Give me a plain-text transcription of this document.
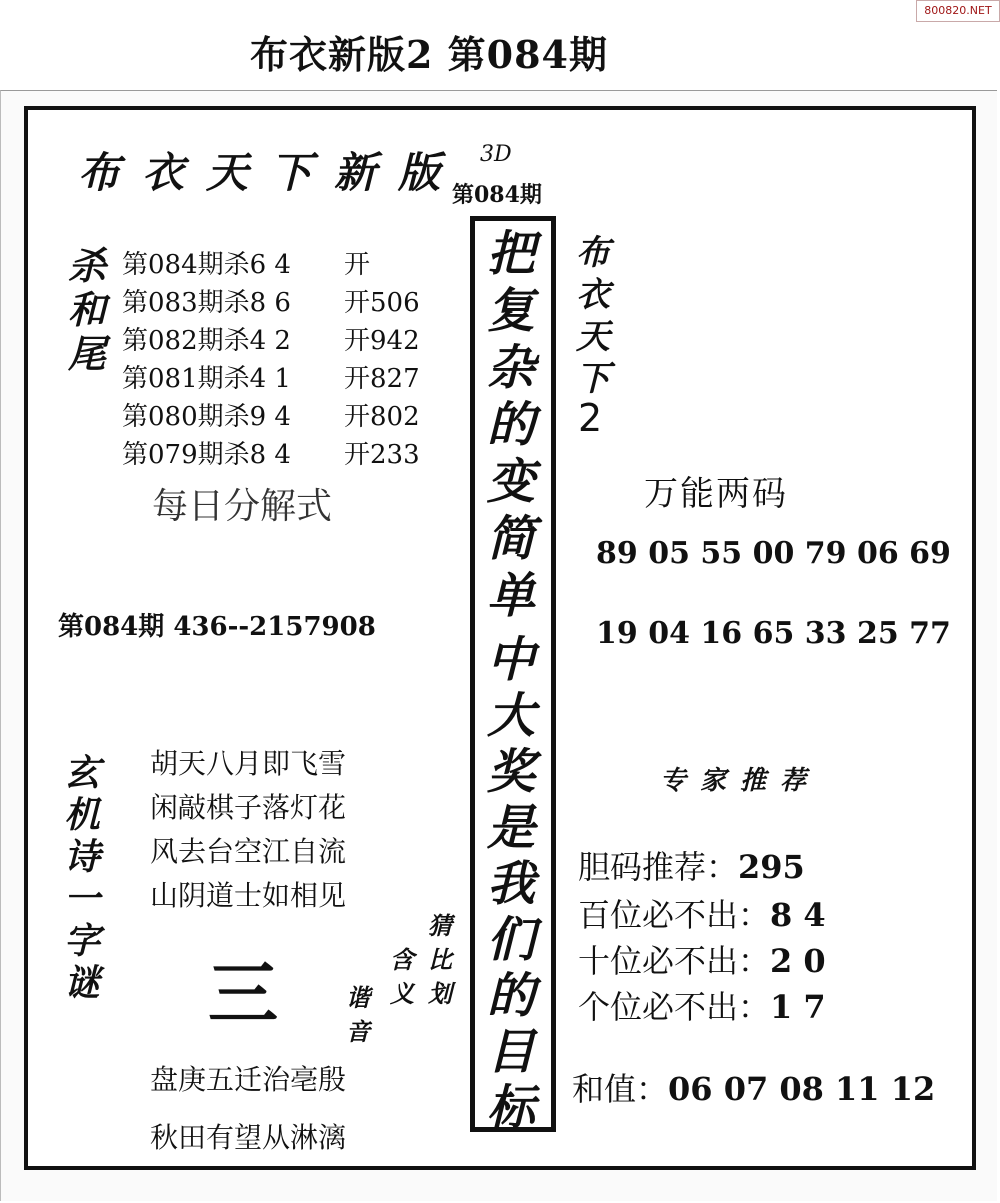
800820.NET
布衣新版2 第084期
布衣天下新版 3D
第084期
把复杂的变简单
中大奖是我们的目标
杀和尾
第084期杀6 4 开
第083期杀8 6 开506
第082期杀4 2 开942
第081期杀4 1 开827
第080期杀9 4 开802
第079期杀8 4 开233
每日分解式
第084期 436--2157908
布衣天下
2
万能两码
89 05 55 00 79 06 69
19 04 16 65 33 25 77
玄机诗一字谜
胡天八月即飞雪
闲敲棋子落灯花
风去台空江自流
山阴道士如相见
三
猜
比
划
含
义
谐
音
盘庚五迁治亳殷
秋田有望从淋漓
专家推荐
胆码推荐：295
百位必不出：8 4
十位必不出：2 0
个位必不出：1 7
和值：06 07 08 11 12
